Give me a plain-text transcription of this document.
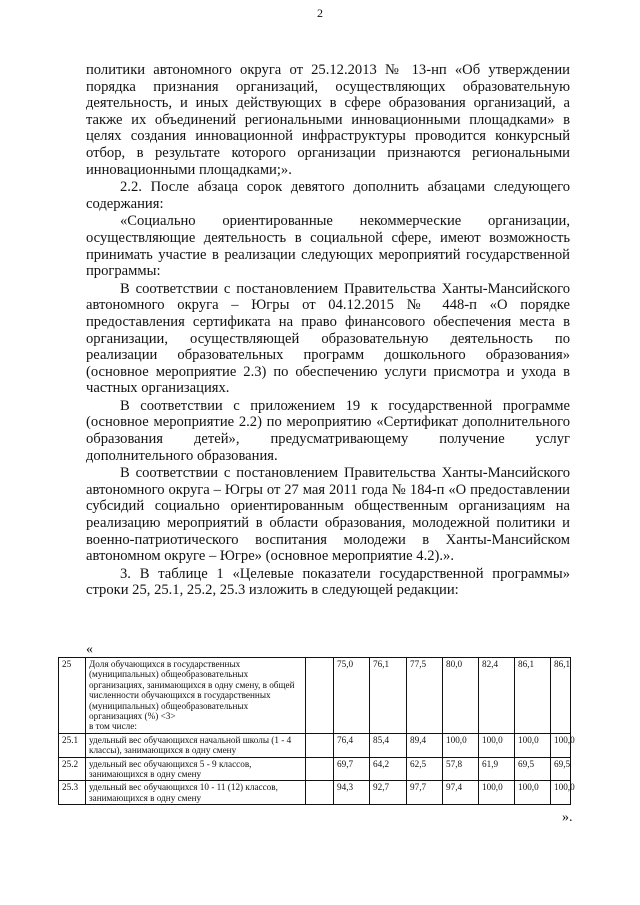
2

политики автономного округа от 25.12.2013 № 13-нп «Об утверждении порядка признания организаций, осуществляющих образовательную деятельность, и иных действующих в сфере образования организаций, а также их объединений региональными инновационными площадками» в целях создания инновационной инфраструктуры проводится конкурсный отбор, в результате которого организации признаются региональными инновационными площадками;».

2.2. После абзаца сорок девятого дополнить абзацами следующего содержания:

«Социально ориентированные некоммерческие организации, осуществляющие деятельность в социальной сфере, имеют возможность принимать участие в реализации следующих мероприятий государственной программы:

В соответствии с постановлением Правительства Ханты-Мансийского автономного округа – Югры от 04.12.2015 № 448-п «О порядке предоставления сертификата на право финансового обеспечения места в организации, осуществляющей образовательную деятельность по реализации образовательных программ дошкольного образования» (основное мероприятие 2.3) по обеспечению услуги присмотра и ухода в частных организациях.

В соответствии с приложением 19 к государственной программе (основное мероприятие 2.2) по мероприятию «Сертификат дополнительного образования детей», предусматривающему получение услуг дополнительного образования.

В соответствии с постановлением Правительства Ханты-Мансийского автономного округа – Югры от 27 мая 2011 года № 184-п «О предоставлении субсидий социально ориентированным общественным организациям на реализацию мероприятий в области образования, молодежной политики и военно-патриотического воспитания молодежи в Ханты-Мансийском автономном округе – Югре» (основное мероприятие 4.2).».

3. В таблице 1 «Целевые показатели государственной программы» строки 25, 25.1, 25.2, 25.3 изложить в следующей редакции:

«
25	Доля обучающихся в государственных (муниципальных) общеобразовательных организациях, занимающихся в одну смену, в общей численности обучающихся в государственных (муниципальных) общеобразовательных организациях (%) <3>
в том числе:		75,0	76,1	77,5	80,0	82,4	86,1	86,1
25.1	удельный вес обучающихся начальной школы (1 - 4 классы), занимающихся в одну смену		76,4	85,4	89,4	100,0	100,0	100,0	100,0
25.2	удельный вес обучающихся 5 - 9 классов, занимающихся в одну смену		69,7	64,2	62,5	57,8	61,9	69,5	69,5
25.3	удельный вес обучающихся 10 - 11 (12) классов, занимающихся в одну смену		94,3	92,7	97,7	97,4	100,0	100,0	100,0
».
